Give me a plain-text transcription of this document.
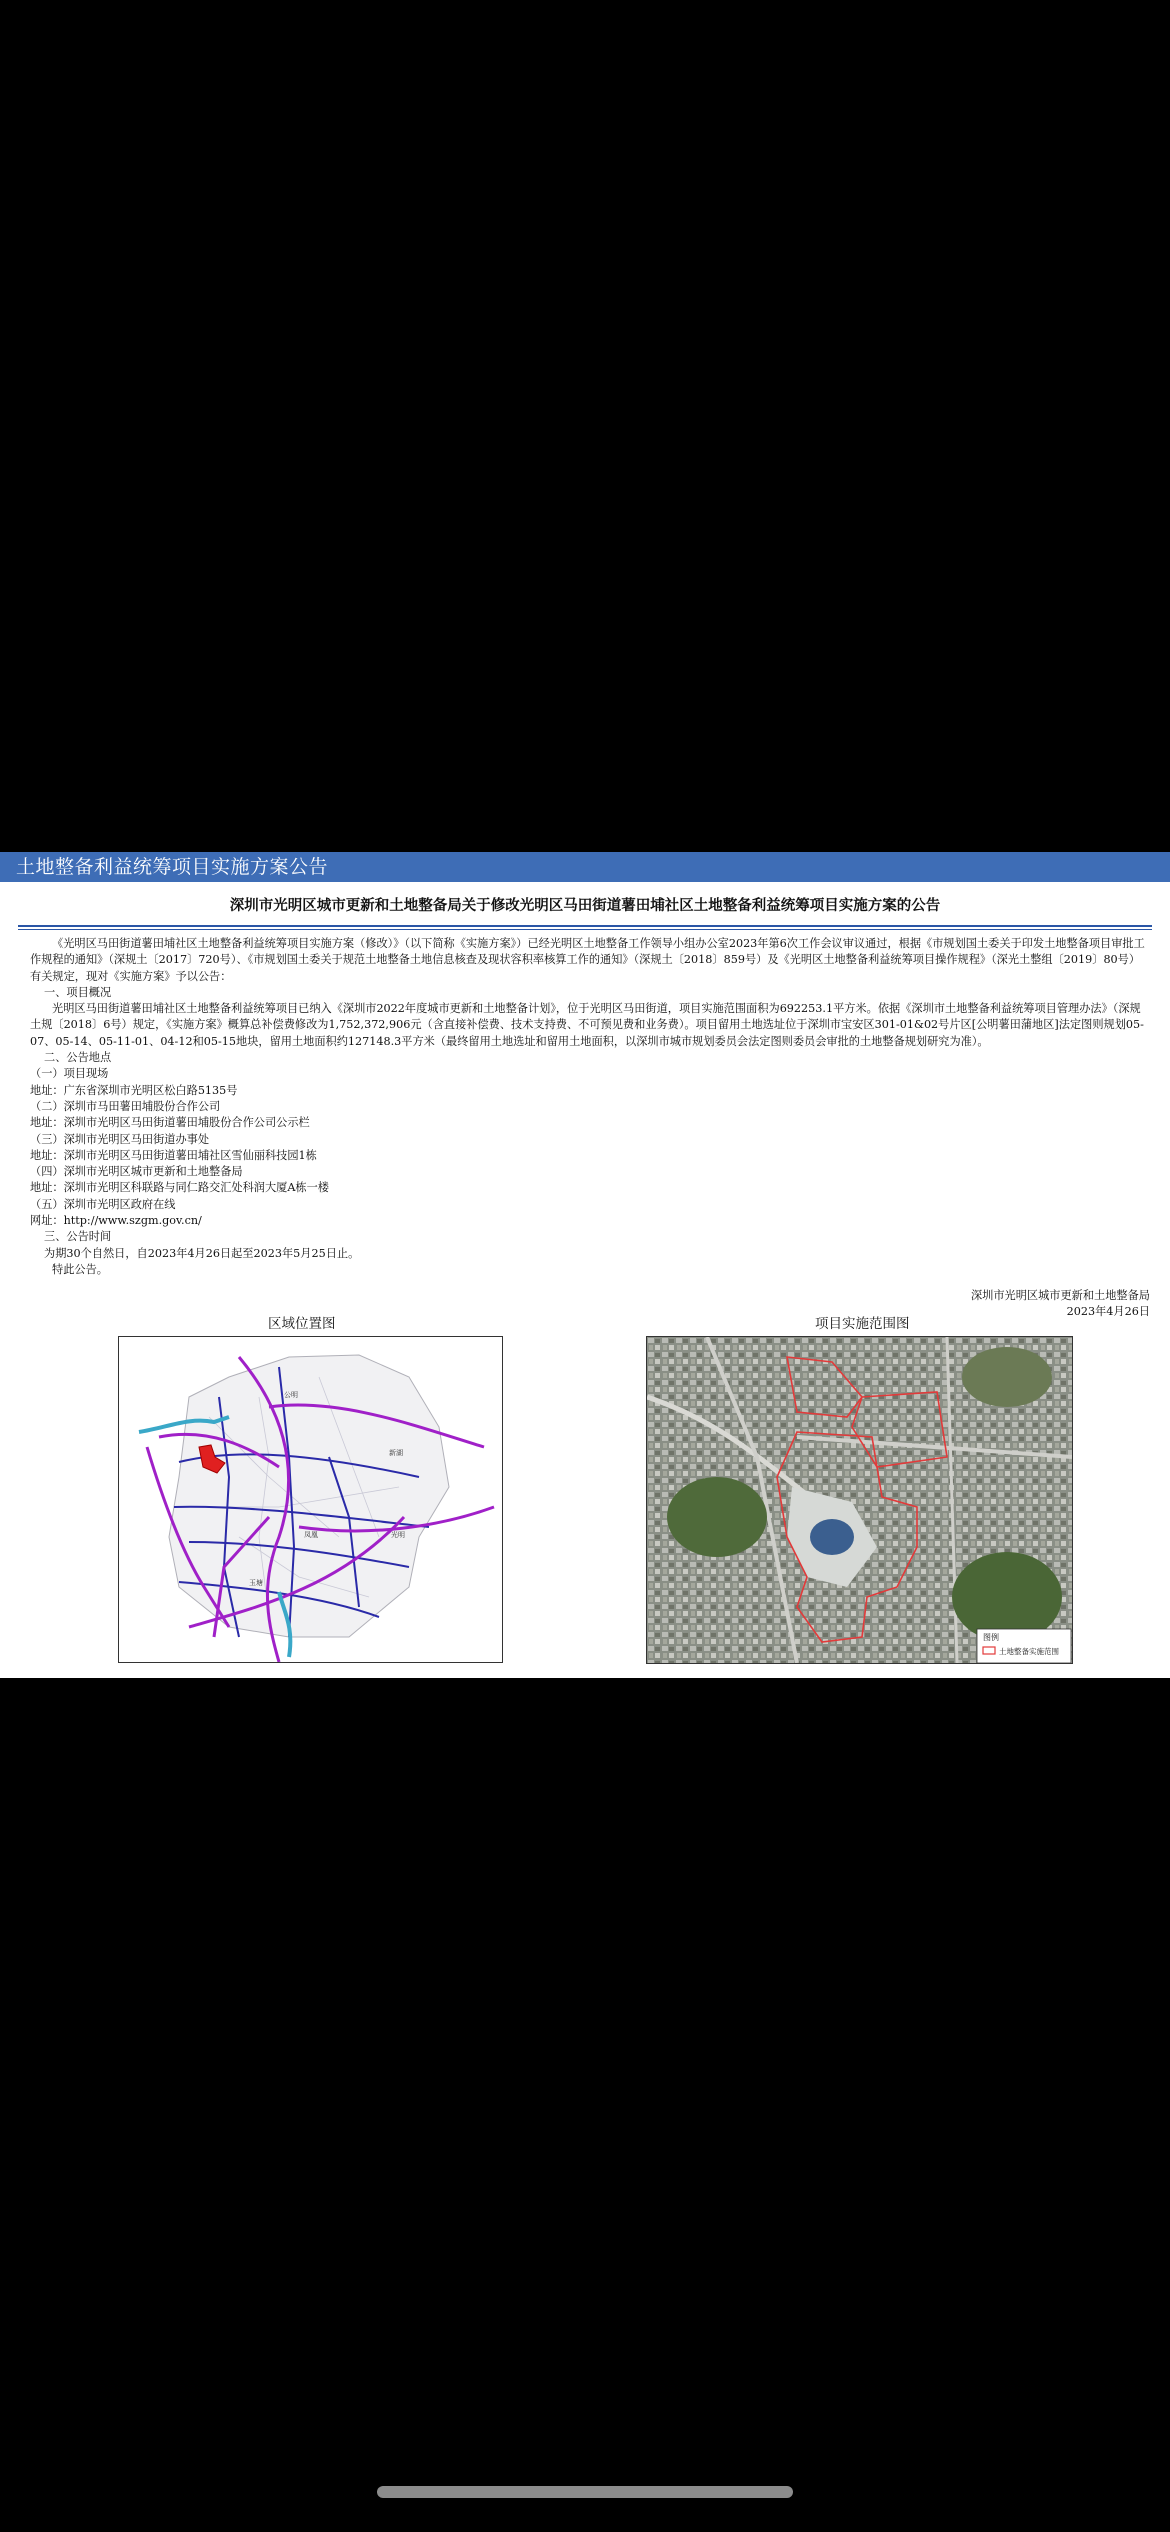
土地整备利益统筹项目实施方案公告
深圳市光明区城市更新和土地整备局关于修改光明区马田街道薯田埔社区土地整备利益统筹项目实施方案的公告

《光明区马田街道薯田埔社区土地整备利益统筹项目实施方案（修改）》（以下简称《实施方案》）已经光明区土地整备工作领导小组办公室2023年第6次工作会议审议通过，根据《市规划国土委关于印发土地整备项目审批工作规程的通知》（深规土〔2017〕720号）、《市规划国土委关于规范土地整备土地信息核查及现状容积率核算工作的通知》（深规土〔2018〕859号）及《光明区土地整备利益统筹项目操作规程》（深光土整组〔2019〕80号）有关规定，现对《实施方案》予以公告：

一、项目概况

光明区马田街道薯田埔社区土地整备利益统筹项目已纳入《深圳市2022年度城市更新和土地整备计划》，位于光明区马田街道，项目实施范围面积为692253.1平方米。依据《深圳市土地整备利益统筹项目管理办法》（深规土规〔2018〕6号）规定，《实施方案》概算总补偿费修改为1,752,372,906元（含直接补偿费、技术支持费、不可预见费和业务费）。项目留用土地选址位于深圳市宝安区301-01&02号片区[公明薯田蒲地区]法定图则规划05-07、05-14、05-11-01、04-12和05-15地块，留用土地面积约127148.3平方米（最终留用土地选址和留用土地面积，以深圳市城市规划委员会法定图则委员会审批的土地整备规划研究为准）。

二、公告地点

（一）项目现场

地址：广东省深圳市光明区松白路5135号

（二）深圳市马田薯田埔股份合作公司

地址：深圳市光明区马田街道薯田埔股份合作公司公示栏

（三）深圳市光明区马田街道办事处

地址：深圳市光明区马田街道薯田埔社区雪仙丽科技园1栋

（四）深圳市光明区城市更新和土地整备局

地址：深圳市光明区科联路与同仁路交汇处科润大厦A栋一楼

（五）深圳市光明区政府在线

网址：http://www.szgm.gov.cn/

三、公告时间

为期30个自然日，自2023年4月26日起至2023年5月25日止。

特此公告。

深圳市光明区城市更新和土地整备局
2023年4月26日
区域位置图
公明
新湖
凤凰	光明
玉塘
项目实施范围图
图例
土地整备实施范围
